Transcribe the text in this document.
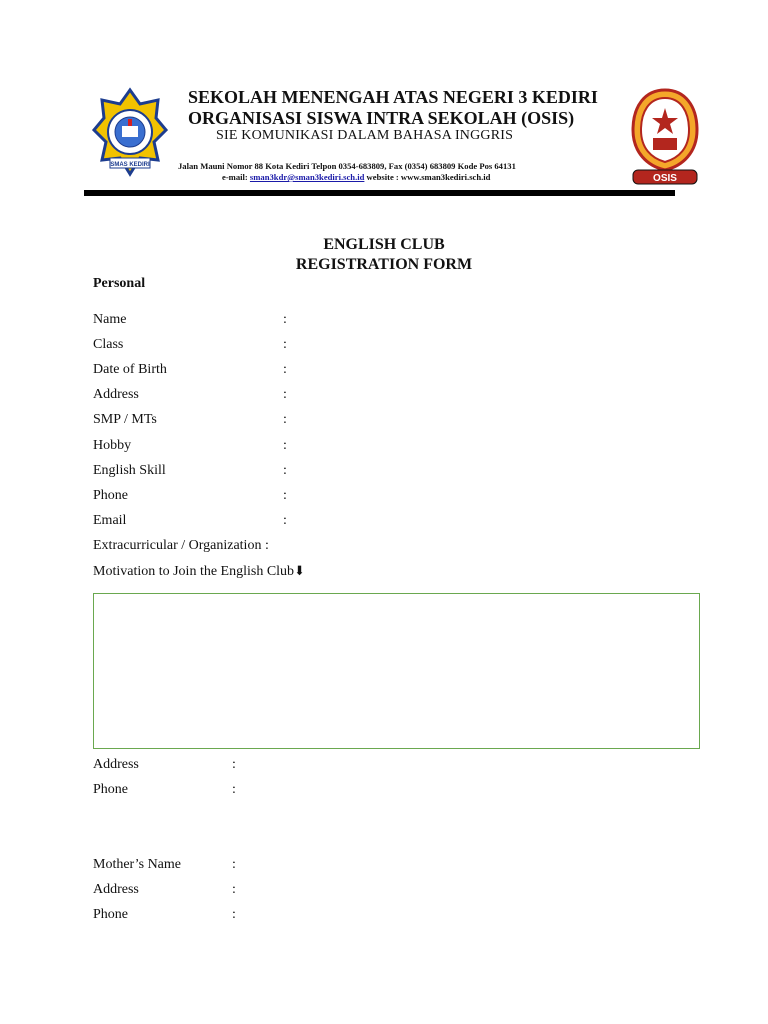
SMAS KEDIRI
OSIS
SEKOLAH MENENGAH ATAS NEGERI 3 KEDIRI
ORGANISASI SISWA INTRA SEKOLAH (OSIS)
SIE KOMUNIKASI DALAM BAHASA INGGRIS
Jalan Mauni Nomor 88 Kota Kediri Telpon 0354-683809, Fax (0354) 683809 Kode Pos 64131
e-mail: sman3kdr@sman3kediri.sch.id website : www.sman3kediri.sch.id
ENGLISH CLUB
REGISTRATION FORM
Personal
Name	:
Class	:
Date of Birth	:
Address	:
SMP / MTs	:
Hobby	:
English Skill	:
Phone	:
Email	:
Extracurricular / Organization :
Motivation to Join the English Club⬇
Address	:
Phone	:
Mother’s Name	:
Address	:
Phone	:
